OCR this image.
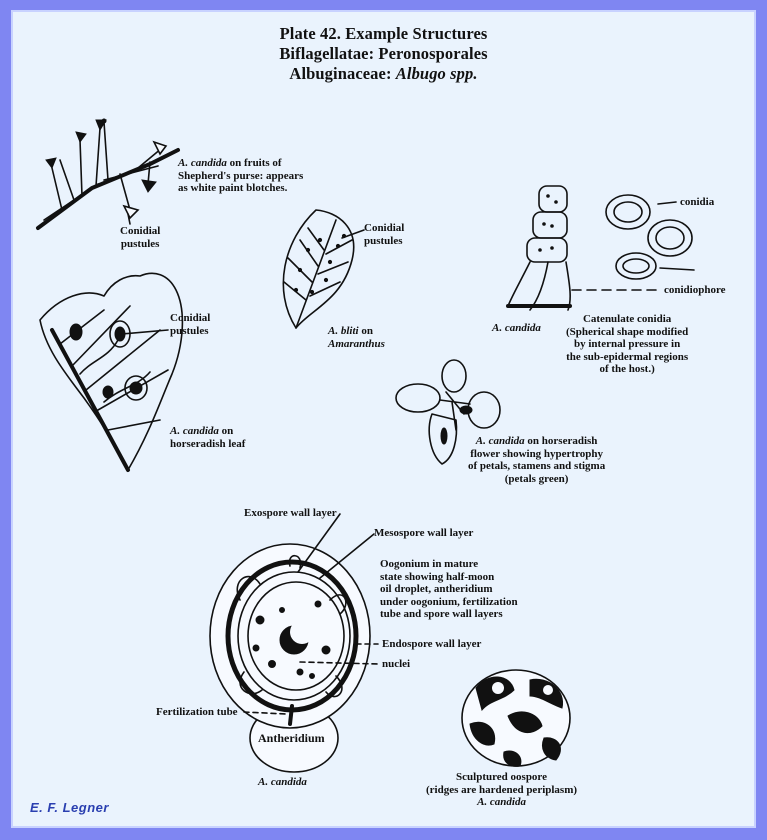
Plate 42. Example Structures
Biflagellatae: Peronosporales
Albuginaceae: Albugo spp.
A. candida on fruits of
Shepherd's purse: appears
as white paint blotches.
Conidial
pustules
Conidial
pustules
A. bliti on
Amaranthus
Conidial
pustules
A. candida on
horseradish leaf
conidia
conidiophore
A. candida
Catenulate conidia
(Spherical shape modified
by internal pressure in
the sub-epidermal regions
of the host.)
A. candida on horseradish
flower showing hypertrophy
of petals, stamens and stigma
(petals green)
Exospore wall layer
Mesospore wall layer
Oogonium in mature
state showing half-moon
oil droplet, antheridium
under oogonium, fertilization
tube and spore wall layers
Endospore wall layer
nuclei
Fertilization tube
Antheridium
A. candida	Sculptured oospore
(ridges are hardened periplasm)
A. candida
E. F. Legner
